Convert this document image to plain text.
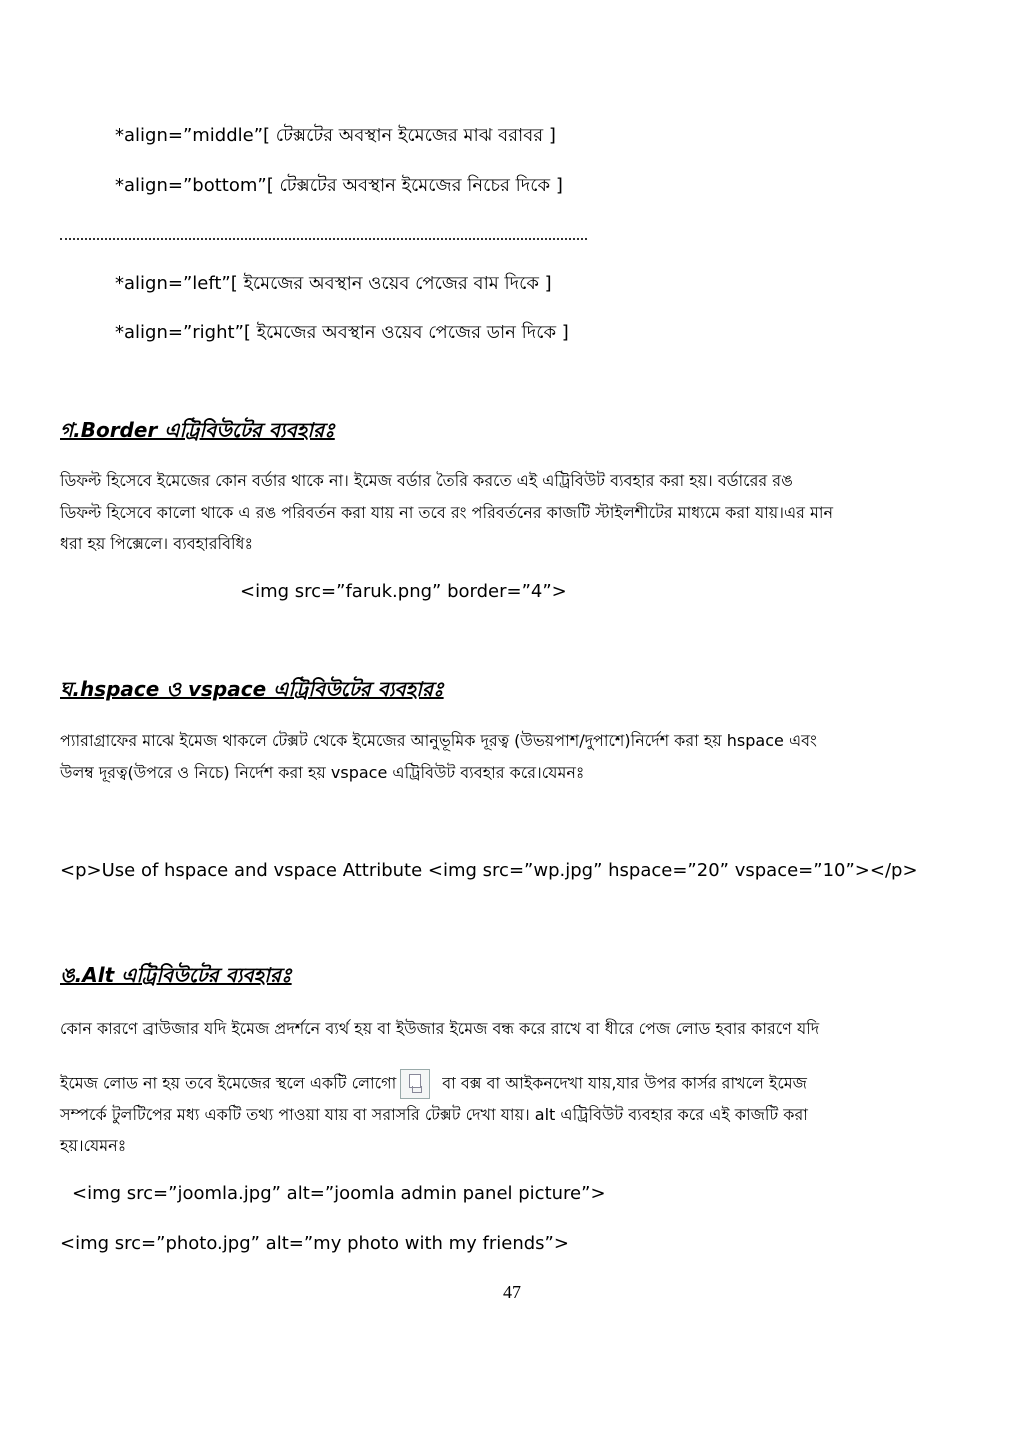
*align=”middle”[ টেক্সটের অবস্থান ইমেজের মাঝ বরাবর ]
*align=”bottom”[ টেক্সটের অবস্থান ইমেজের নিচের দিকে ]
*align=”left”[ ইমেজের অবস্থান ওয়েব পেজের বাম দিকে ]
*align=”right”[ ইমেজের অবস্থান ওয়েব পেজের ডান দিকে ]
গ.Border এট্রিবিউটের ব্যবহারঃ
ডিফল্ট হিসেবে ইমেজের কোন বর্ডার থাকে না। ইমেজ বর্ডার তৈরি করতে এই এট্রিবিউট ব্যবহার করা হয়। বর্ডারের রঙ
ডিফল্ট হিসেবে কালো থাকে এ রঙ পরিবর্তন করা যায় না তবে রং পরিবর্তনের কাজটি স্টাইলশীটের মাধ্যমে করা যায়।এর মান
ধরা হয় পিক্সেলে। ব্যবহারবিধিঃ
<img src=”faruk.png” border=”4”>
ঘ.hspace ও vspace এট্রিবিউটের ব্যবহারঃ
প্যারাগ্রাফের মাঝে ইমেজ থাকলে টেক্সট থেকে ইমেজের আনুভূমিক দূরত্ব (উভয়পাশ/দুপাশে)নির্দেশ করা হয় hspace এবং
উলম্ব দূরত্ব(উপরে ও নিচে) নির্দেশ করা হয় vspace এট্রিবিউট ব্যবহার করে।যেমনঃ
<p>Use of hspace and vspace Attribute <img src=”wp.jpg” hspace=”20” vspace=”10”></p>
ঙ.Alt এট্রিবিউটের ব্যবহারঃ
কোন কারণে ব্রাউজার যদি ইমেজ প্রদর্শনে ব্যর্থ হয় বা ইউজার ইমেজ বন্ধ করে রাখে বা ধীরে পেজ লোড হবার কারণে যদি
ইমেজ লোড না হয় তবে ইমেজের স্থলে একটি লোগো	বা বক্স বা আইকনদেখা যায়,যার উপর কার্সর রাখলে ইমেজ
সম্পর্কে টুলটিপের মধ্য একটি তথ্য পাওয়া যায় বা সরাসরি টেক্সট দেখা যায়। alt এট্রিবিউট ব্যবহার করে এই কাজটি করা
হয়।যেমনঃ
<img src=”joomla.jpg” alt=”joomla admin panel picture”>
<img src=”photo.jpg” alt=”my photo with my friends”>
47
